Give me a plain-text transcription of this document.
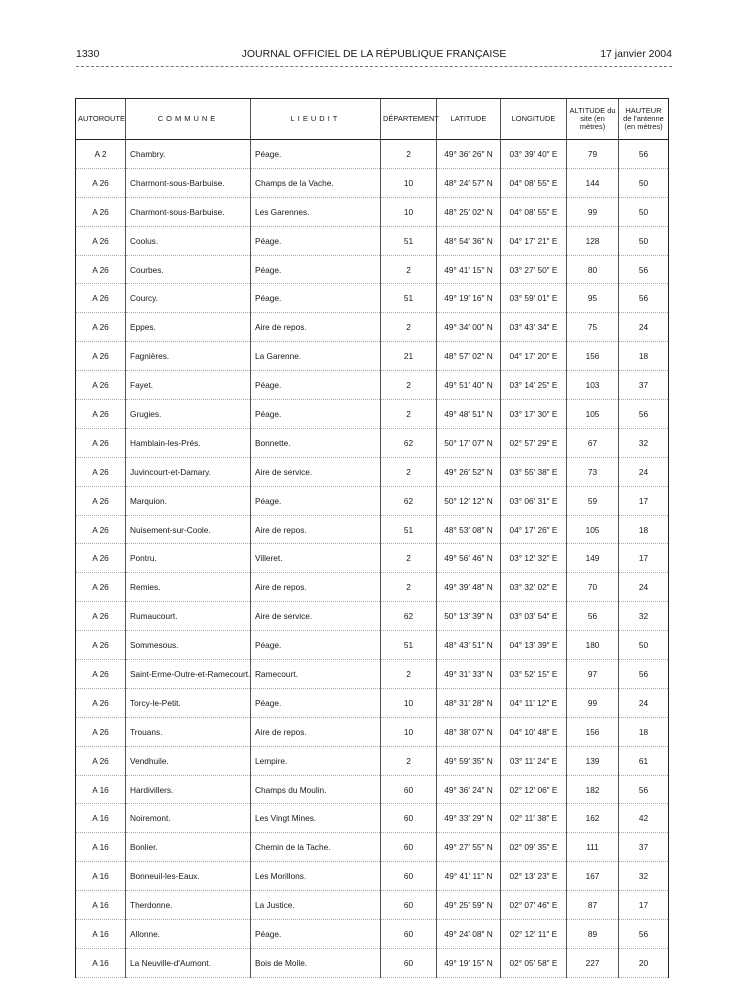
1330	JOURNAL OFFICIEL DE LA RÉPUBLIQUE FRANÇAISE	17 janvier 2004
AUTOROUTE	COMMUNE	LIEUDIT	DÉPARTEMENT	LATITUDE	LONGITUDE	ALTITUDE du site (en mètres)	HAUTEUR de l'antenne (en mètres)
A 2	Chambry.	Péage.	2	49° 36′ 26″ N	03° 39′ 40″ E	79	56
A 26	Charmont-sous-Barbuise.	Champs de la Vache.	10	48° 24′ 57″ N	04° 08′ 55″ E	144	50
A 26	Charmont-sous-Barbuise.	Les Garennes.	10	48° 25′ 02″ N	04° 08′ 55″ E	99	50
A 26	Coolus.	Péage.	51	48° 54′ 36″ N	04° 17′ 21″ E	128	50
A 26	Courbes.	Péage.	2	49° 41′ 15″ N	03° 27′ 50″ E	80	56
A 26	Courcy.	Péage.	51	49° 19′ 16″ N	03° 59′ 01″ E	95	56
A 26	Eppes.	Aire de repos.	2	49° 34′ 00″ N	03° 43′ 34″ E	75	24
A 26	Fagnières.	La Garenne.	21	48° 57′ 02″ N	04° 17′ 20″ E	156	18
A 26	Fayet.	Péage.	2	49° 51′ 40″ N	03° 14′ 25″ E	103	37
A 26	Grugies.	Péage.	2	49° 48′ 51″ N	03° 17′ 30″ E	105	56
A 26	Hamblain-les-Prés.	Bonnette.	62	50° 17′ 07″ N	02° 57′ 29″ E	67	32
A 26	Juvincourt-et-Damary.	Aire de service.	2	49° 26′ 52″ N	03° 55′ 38″ E	73	24
A 26	Marquion.	Péage.	62	50° 12′ 12″ N	03° 06′ 31″ E	59	17
A 26	Nuisement-sur-Coole.	Aire de repos.	51	48° 53′ 08″ N	04° 17′ 26″ E	105	18
A 26	Pontru.	Villeret.	2	49° 56′ 46″ N	03° 12′ 32″ E	149	17
A 26	Remies.	Aire de repos.	2	49° 39′ 48″ N	03° 32′ 02″ E	70	24
A 26	Rumaucourt.	Aire de service.	62	50° 13′ 39″ N	03° 03′ 54″ E	56	32
A 26	Sommesous.	Péage.	51	48° 43′ 51″ N	04° 13′ 39″ E	180	50
A 26	Saint-Erme-Outre-et-Ramecourt.	Ramecourt.	2	49° 31′ 33″ N	03° 52′ 15″ E	97	56
A 26	Torcy-le-Petit.	Péage.	10	48° 31′ 28″ N	04° 11′ 12″ E	99	24
A 26	Trouans.	Aire de repos.	10	48° 38′ 07″ N	04° 10′ 48″ E	156	18
A 26	Vendhuile.	Lempire.	2	49° 59′ 35″ N	03° 11′ 24″ E	139	61
A 16	Hardivillers.	Champs du Moulin.	60	49° 36′ 24″ N	02° 12′ 06″ E	182	56
A 16	Noiremont.	Les Vingt Mines.	60	49° 33′ 29″ N	02° 11′ 38″ E	162	42
A 16	Bonlier.	Chemin de la Tache.	60	49° 27′ 55″ N	02° 09′ 35″ E	111	37
A 16	Bonneuil-les-Eaux.	Les Morillons.	60	49° 41′ 11″ N	02° 13′ 23″ E	167	32
A 16	Therdonne.	La Justice.	60	49° 25′ 59″ N	02° 07′ 46″ E	87	17
A 16	Allonne.	Péage.	60	49° 24′ 08″ N	02° 12′ 11″ E	89	56
A 16	La Neuville-d'Aumont.	Bois de Molle.	60	49° 19′ 15″ N	02° 05′ 58″ E	227	20
